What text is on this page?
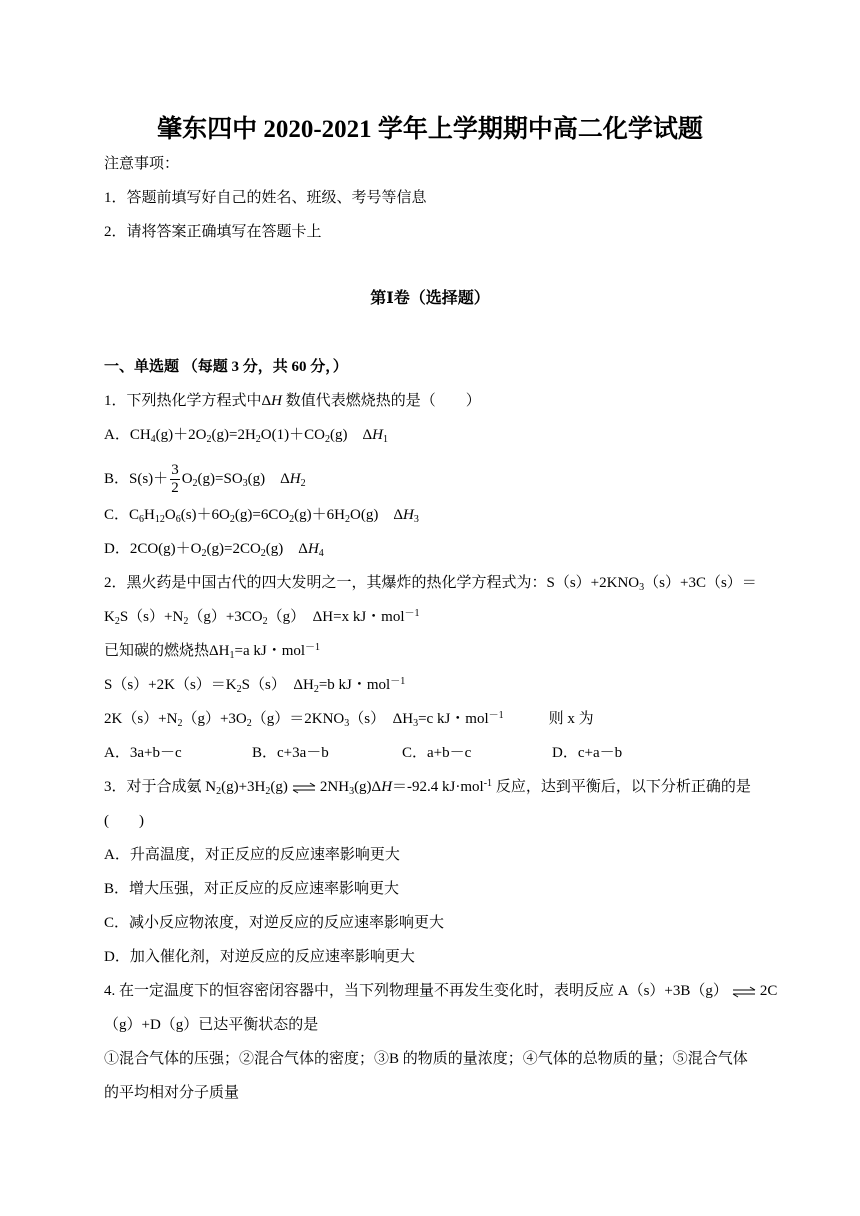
肇东四中 2020-2021 学年上学期期中高二化学试题
注意事项：
1．答题前填写好自己的姓名、班级、考号等信息
2．请将答案正确填写在答题卡上
第Ⅰ卷（选择题）
一、单选题 （每题 3 分，共 60 分，）
1．下列热化学方程式中ΔH 数值代表燃烧热的是（　　）
A．$CH_4(g)+2O_2(g)=2H_2O(1)+CO_2(g)$　$\Delta H_1$
B．$S(s)+ \frac{3}{2} O_2(g)=SO_3(g)$　$\Delta H_2$
C．$C_6H_{12}O_6(s)+6O_2(g)=6CO_2(g)+6H_2O(g)$　$\Delta H_3$
D．$2CO(g)+O_2(g)=2CO_2(g)$　$\Delta H_4$
2．黑火药是中国古代的四大发明之一，其爆炸的热化学方程式为：$S(s)+2KNO_3(s)+3C(s)=$
$K_2S(s)+N_2(g)+3CO_2(g)$　ΔH=x kJ・mol$^{-1}$
已知碳的燃烧热$\Delta H_1=a$ kJ・mol$^{-1}$
$S(s)+2K(s)=K_2S(s)$　$\Delta H_2=b$ kJ・mol$^{-1}$
$2K(s)+N_2(g)+3O_2(g)=2KNO_3(s)$　$\Delta H_3=c$ kJ・mol$^{-1}$　　　则 x 为
A．3a+b－c	B．c+3a－b	C．a+b－c	D．c+a－b
3．对于合成氨 $N_2(g)+3H_2(g)$ ⇌ $2NH_3(g)\Delta H=-92.4$ kJ·mol$^{-1}$ 反应，达到平衡后，以下分析正确的是
(　　)
A．升高温度，对正反应的反应速率影响更大
B．增大压强，对正反应的反应速率影响更大
C．减小反应物浓度，对逆反应的反应速率影响更大
D．加入催化剂，对逆反应的反应速率影响更大
4. 在一定温度下的恒容密闭容器中，当下列物理量不再发生变化时，表明反应 A（s）+3B（g） ⇌ 2C
（g）+D（g）已达平衡状态的是
①混合气体的压强；②混合气体的密度；③B 的物质的量浓度；④气体的总物质的量；⑤混合气体
的平均相对分子质量
